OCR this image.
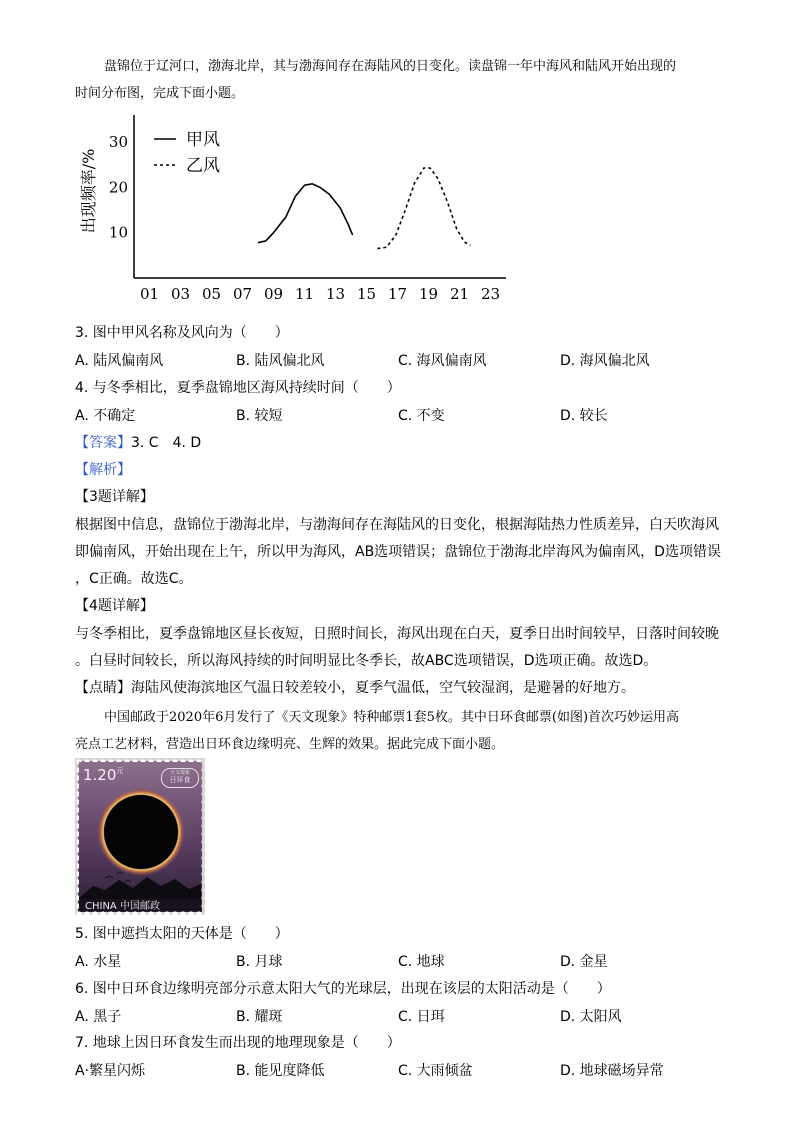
盘锦位于辽河口，渤海北岸，其与渤海间存在海陆风的日变化。读盘锦一年中海风和陆风开始出现的
时间分布图，完成下面小题。
出现频率/% 10
20
30
01 03 05 07 09 11 13 15 17 19 21 23
甲风
乙风
3. 图中甲风名称及风向为（　　）
A. 陆风偏南风	B. 陆风偏北风	C. 海风偏南风	D. 海风偏北风
4. 与冬季相比，夏季盘锦地区海风持续时间（　　）
A. 不确定	B. 较短	C. 不变	D. 较长
【答案】3. C　4. D
【解析】
【3题详解】
根据图中信息，盘锦位于渤海北岸，与渤海间存在海陆风的日变化，根据海陆热力性质差异，白天吹海风
即偏南风，开始出现在上午，所以甲为海风，AB选项错误；盘锦位于渤海北岸海风为偏南风，D选项错误
，C正确。故选C。
【4题详解】
与冬季相比，夏季盘锦地区昼长夜短，日照时间长，海风出现在白天，夏季日出时间较早，日落时间较晚
。白昼时间较长，所以海风持续的时间明显比冬季长，故ABC选项错误，D选项正确。故选D。
【点睛】海陆风使海滨地区气温日较差较小，夏季气温低，空气较湿润，是避暑的好地方。
中国邮政于2020年6月发行了《天文现象》特种邮票1套5枚。其中日环食邮票(如图)首次巧妙运用高
亮点工艺材料，营造出日环食边缘明亮、生辉的效果。据此完成下面小题。
$1.20^元$	天文现象
日环食
CHINA 中国邮政
5. 图中遮挡太阳的天体是（　　）
A. 水星	B. 月球	C. 地球	D. 金星
6. 图中日环食边缘明亮部分示意太阳大气的光球层，出现在该层的太阳活动是（　　）
A. 黑子	B. 耀斑	C. 日珥	D. 太阳风
7. 地球上因日环食发生而出现的地理现象是（　　）
A·繁星闪烁	B. 能见度降低	C. 大雨倾盆	D. 地球磁场异常
